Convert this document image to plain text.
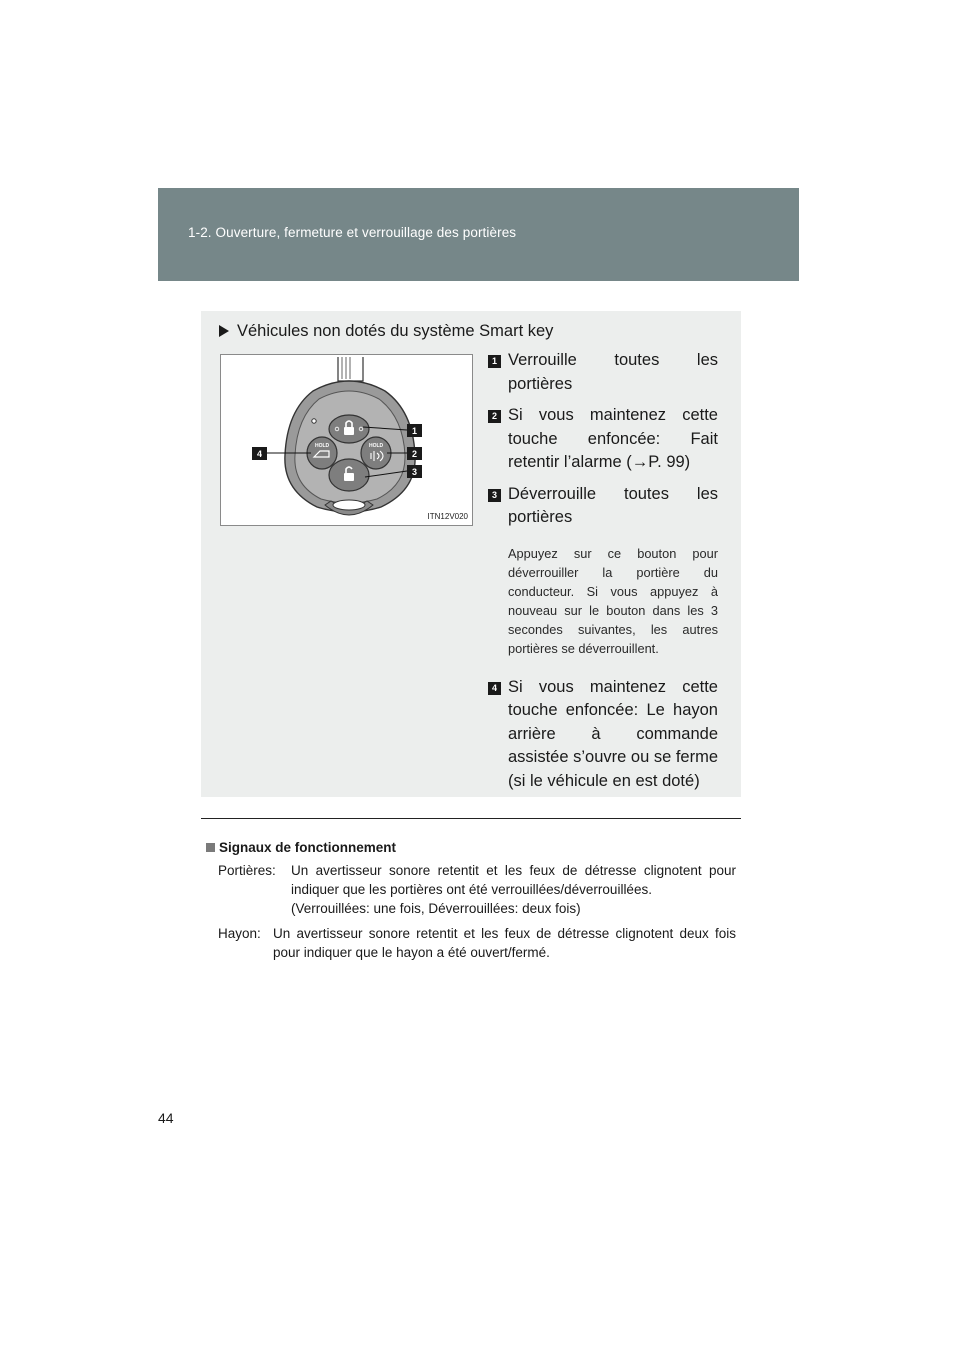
1-2. Ouverture, fermeture et verrouillage des portières
Véhicules non dotés du système Smart key
HOLD	HOLD
1
2
3
4
ITN12V020
1 Verrouille toutes les portières
2 Si vous maintenez cette touche enfoncée: Fait retentir l’alarme (→P. 99)
3 Déverrouille toutes les portières
Appuyez sur ce bouton pour déverrouiller la portière du conducteur. Si vous appuyez à nouveau sur le bouton dans les 3 secondes suivantes, les autres portières se déverrouillent.
4 Si vous maintenez cette touche enfoncée: Le hayon arrière à commande assistée s’ouvre ou se ferme (si le véhicule en est doté)
Signaux de fonctionnement
Portières:	Un avertisseur sonore retentit et les feux de détresse clignotent pour indiquer que les portières ont été verrouillées/déverrouillées.
(Verrouillées: une fois, Déverrouillées: deux fois)
Hayon: Un avertisseur sonore retentit et les feux de détresse clignotent deux fois pour indiquer que le hayon a été ouvert/fermé.
44
